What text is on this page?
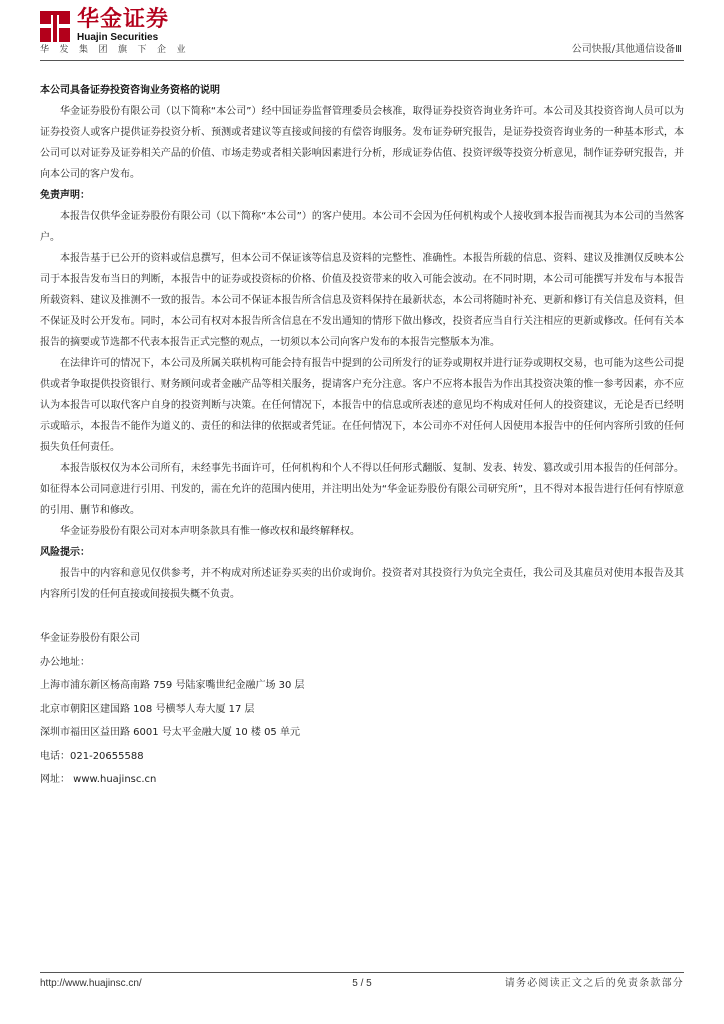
华金证券
Huajin Securities
华发集团旗下企业	公司快报/其他通信设备Ⅲ
本公司具备证券投资咨询业务资格的说明
华金证券股份有限公司（以下简称“本公司”）经中国证券监督管理委员会核准，取得证券投资咨询业务许可。本公司及其投资咨询人员可以为证券投资人或客户提供证券投资分析、预测或者建议等直接或间接的有偿咨询服务。发布证券研究报告，是证券投资咨询业务的一种基本形式，本公司可以对证券及证券相关产品的价值、市场走势或者相关影响因素进行分析，形成证券估值、投资评级等投资分析意见，制作证券研究报告，并向本公司的客户发布。
免责声明：
本报告仅供华金证券股份有限公司（以下简称“本公司”）的客户使用。本公司不会因为任何机构或个人接收到本报告而视其为本公司的当然客户。
本报告基于已公开的资料或信息撰写，但本公司不保证该等信息及资料的完整性、准确性。本报告所载的信息、资料、建议及推测仅反映本公司于本报告发布当日的判断，本报告中的证券或投资标的价格、价值及投资带来的收入可能会波动。在不同时期，本公司可能撰写并发布与本报告所载资料、建议及推测不一致的报告。本公司不保证本报告所含信息及资料保持在最新状态，本公司将随时补充、更新和修订有关信息及资料，但不保证及时公开发布。同时，本公司有权对本报告所含信息在不发出通知的情形下做出修改，投资者应当自行关注相应的更新或修改。任何有关本报告的摘要或节选都不代表本报告正式完整的观点，一切须以本公司向客户发布的本报告完整版本为准。
在法律许可的情况下，本公司及所属关联机构可能会持有报告中提到的公司所发行的证券或期权并进行证券或期权交易，也可能为这些公司提供或者争取提供投资银行、财务顾问或者金融产品等相关服务，提请客户充分注意。客户不应将本报告为作出其投资决策的惟一参考因素，亦不应认为本报告可以取代客户自身的投资判断与决策。在任何情况下，本报告中的信息或所表述的意见均不构成对任何人的投资建议，无论是否已经明示或暗示，本报告不能作为道义的、责任的和法律的依据或者凭证。在任何情况下，本公司亦不对任何人因使用本报告中的任何内容所引致的任何损失负任何责任。
本报告版权仅为本公司所有，未经事先书面许可，任何机构和个人不得以任何形式翻版、复制、发表、转发、篡改或引用本报告的任何部分。如征得本公司同意进行引用、刊发的，需在允许的范围内使用，并注明出处为“华金证券股份有限公司研究所”，且不得对本报告进行任何有悖原意的引用、删节和修改。
华金证券股份有限公司对本声明条款具有惟一修改权和最终解释权。
风险提示：
报告中的内容和意见仅供参考，并不构成对所述证券买卖的出价或询价。投资者对其投资行为负完全责任，我公司及其雇员对使用本报告及其内容所引发的任何直接或间接损失概不负责。
华金证券股份有限公司
办公地址：
上海市浦东新区杨高南路 759 号陆家嘴世纪金融广场 30 层
北京市朝阳区建国路 108 号横琴人寿大厦 17 层
深圳市福田区益田路 6001 号太平金融大厦 10 楼 05 单元
电话：021-20655588
网址： www.huajinsc.cn
http://www.huajinsc.cn/	5 / 5	请务必阅读正文之后的免责条款部分
